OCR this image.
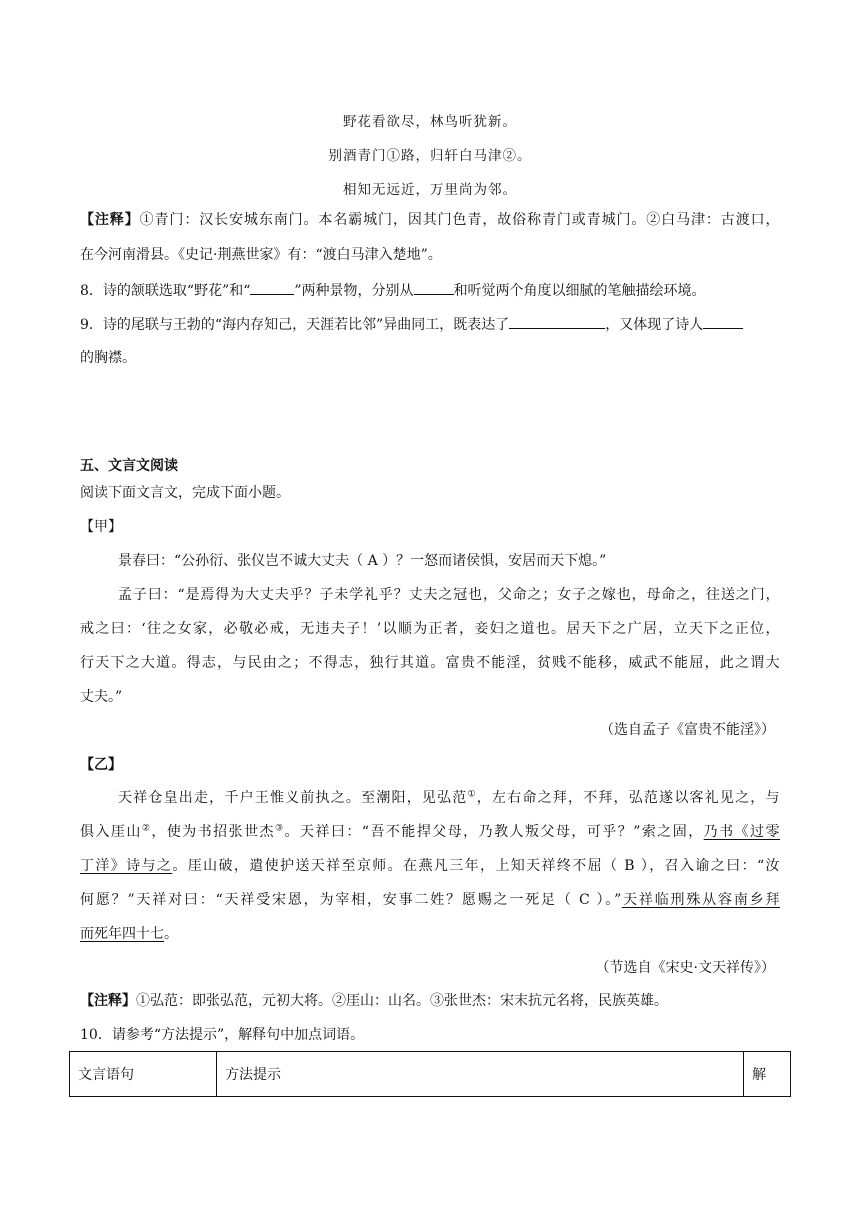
野花看欲尽，林鸟听犹新。
别酒青门①路，归轩白马津②。
相知无远近，万里尚为邻。
【注释】①青门：汉长安城东南门。本名霸城门，因其门色青，故俗称青门或青城门。②白马津：古渡口，
在今河南滑县。《史记·荆燕世家》有：“渡白马津入楚地”。
8．诗的颔联选取“野花”和“	”两种景物，分别从	和听觉两个角度以细腻的笔触描绘环境。
9．诗的尾联与王勃的“海内存知己，天涯若比邻”异曲同工，既表达了	，又体现了诗人
的胸襟。
五、文言文阅读
阅读下面文言文，完成下面小题。
【甲】
景春曰：“公孙衍、张仪岂不诚大丈夫（ A ）？一怒而诸侯惧，安居而天下熄。”
孟子曰：“是焉得为大丈夫乎？子未学礼乎？丈夫之冠也，父命之；女子之嫁也，母命之，往送之门，
戒之曰：‘往之女家，必敬必戒，无违夫子！’以顺为正者，妾妇之道也。居天下之广居，立天下之正位，
行天下之大道。得志，与民由之；不得志，独行其道。富贵不能淫，贫贱不能移，威武不能屈，此之谓大
丈夫。”
（选自孟子《富贵不能淫》）
【乙】
天祥仓皇出走，千户王惟义前执之。至潮阳，见弘范①，左右命之拜，不拜，弘范遂以客礼见之，与
俱入厓山②，使为书招张世杰③。天祥曰：“吾不能捍父母，乃教人叛父母，可乎？”索之固，乃书《过零
丁洋》诗与之。厓山破，遣使护送天祥至京师。在燕凡三年，上知天祥终不屈（ B ），召入谕之曰：“汝
何愿？”天祥对曰：“天祥受宋恩，为宰相，安事二姓？愿赐之一死足（ C ）。”天祥临刑殊从容南乡拜
而死年四十七。
（节选自《宋史·文天祥传》）
【注释】①弘范：即张弘范，元初大将。②厓山：山名。③张世杰：宋末抗元名将，民族英雄。
10．请参考“方法提示”，解释句中加点词语。
文言语句	方法提示	解
